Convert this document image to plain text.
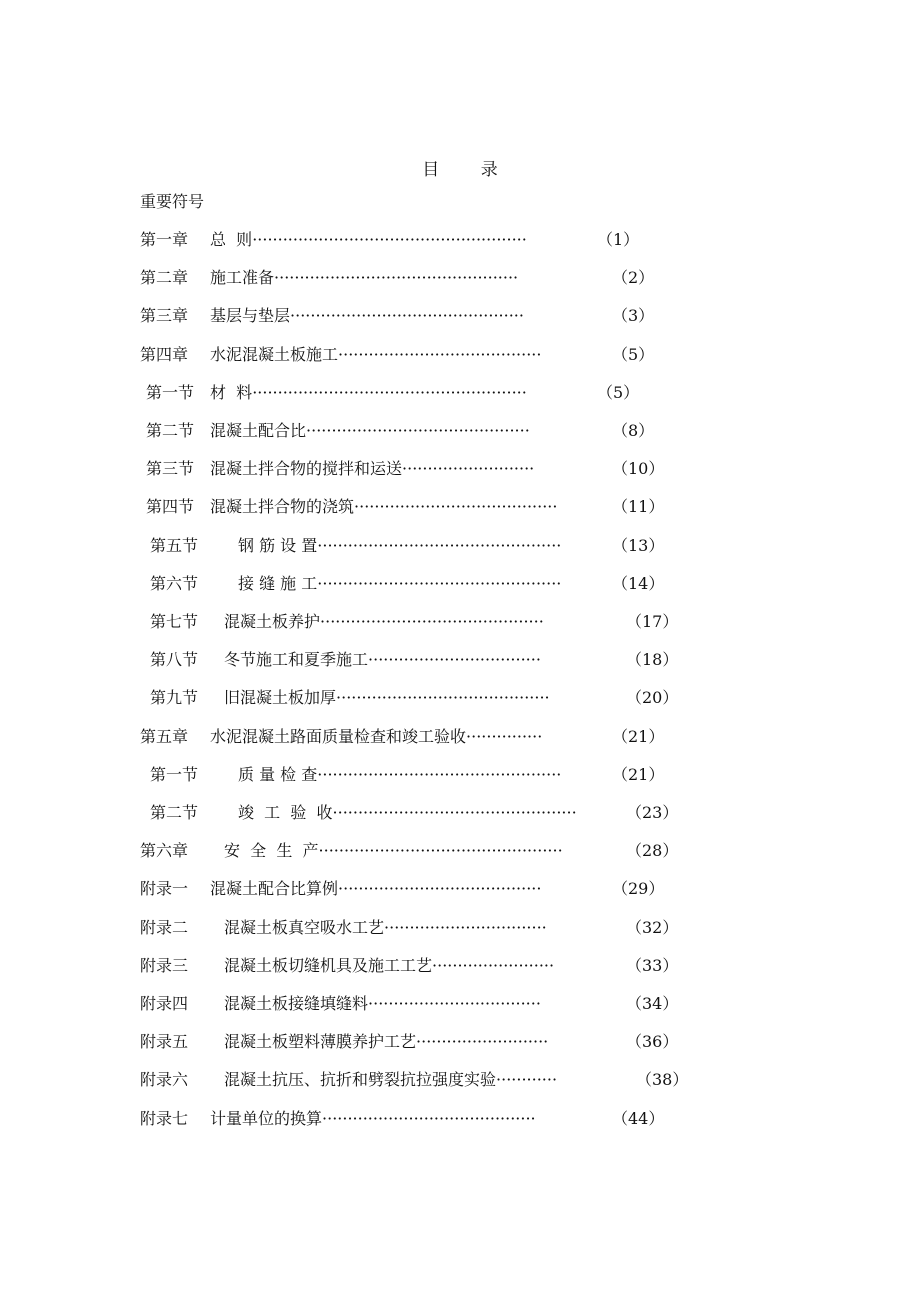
目 录
重要符号
第一章 总  则······················································	（1）
第二章 施工准备················································	（2）
第三章 基层与垫层··············································	（3）
第四章 水泥混凝土板施工········································	（5）
第一节 材  料······················································	（5）
第二节 混凝土配合比············································	（8）
第三节 混凝土拌合物的搅拌和运送··························	（10）
第四节 混凝土拌合物的浇筑········································	（11）
第五节 钢 筋 设 置················································	（13）
第六节 接 缝 施 工················································	（14）
第七节 混凝土板养护············································	（17）
第八节 冬节施工和夏季施工··································	（18）
第九节 旧混凝土板加厚··········································	（20）
第五章 水泥混凝土路面质量检查和竣工验收···············	（21）
第一节 质 量 检 查················································	（21）
第二节 竣  工  验  收················································	（23）
第六章 安  全  生  产················································	（28）
附录一 混凝土配合比算例········································	（29）
附录二 混凝土板真空吸水工艺································	（32）
附录三 混凝土板切缝机具及施工工艺························	（33）
附录四 混凝土板接缝填缝料··································	（34）
附录五 混凝土板塑料薄膜养护工艺··························	（36）
附录六 混凝土抗压、抗折和劈裂抗拉强度实验············	（38）
附录七 计量单位的换算··········································	（44）
